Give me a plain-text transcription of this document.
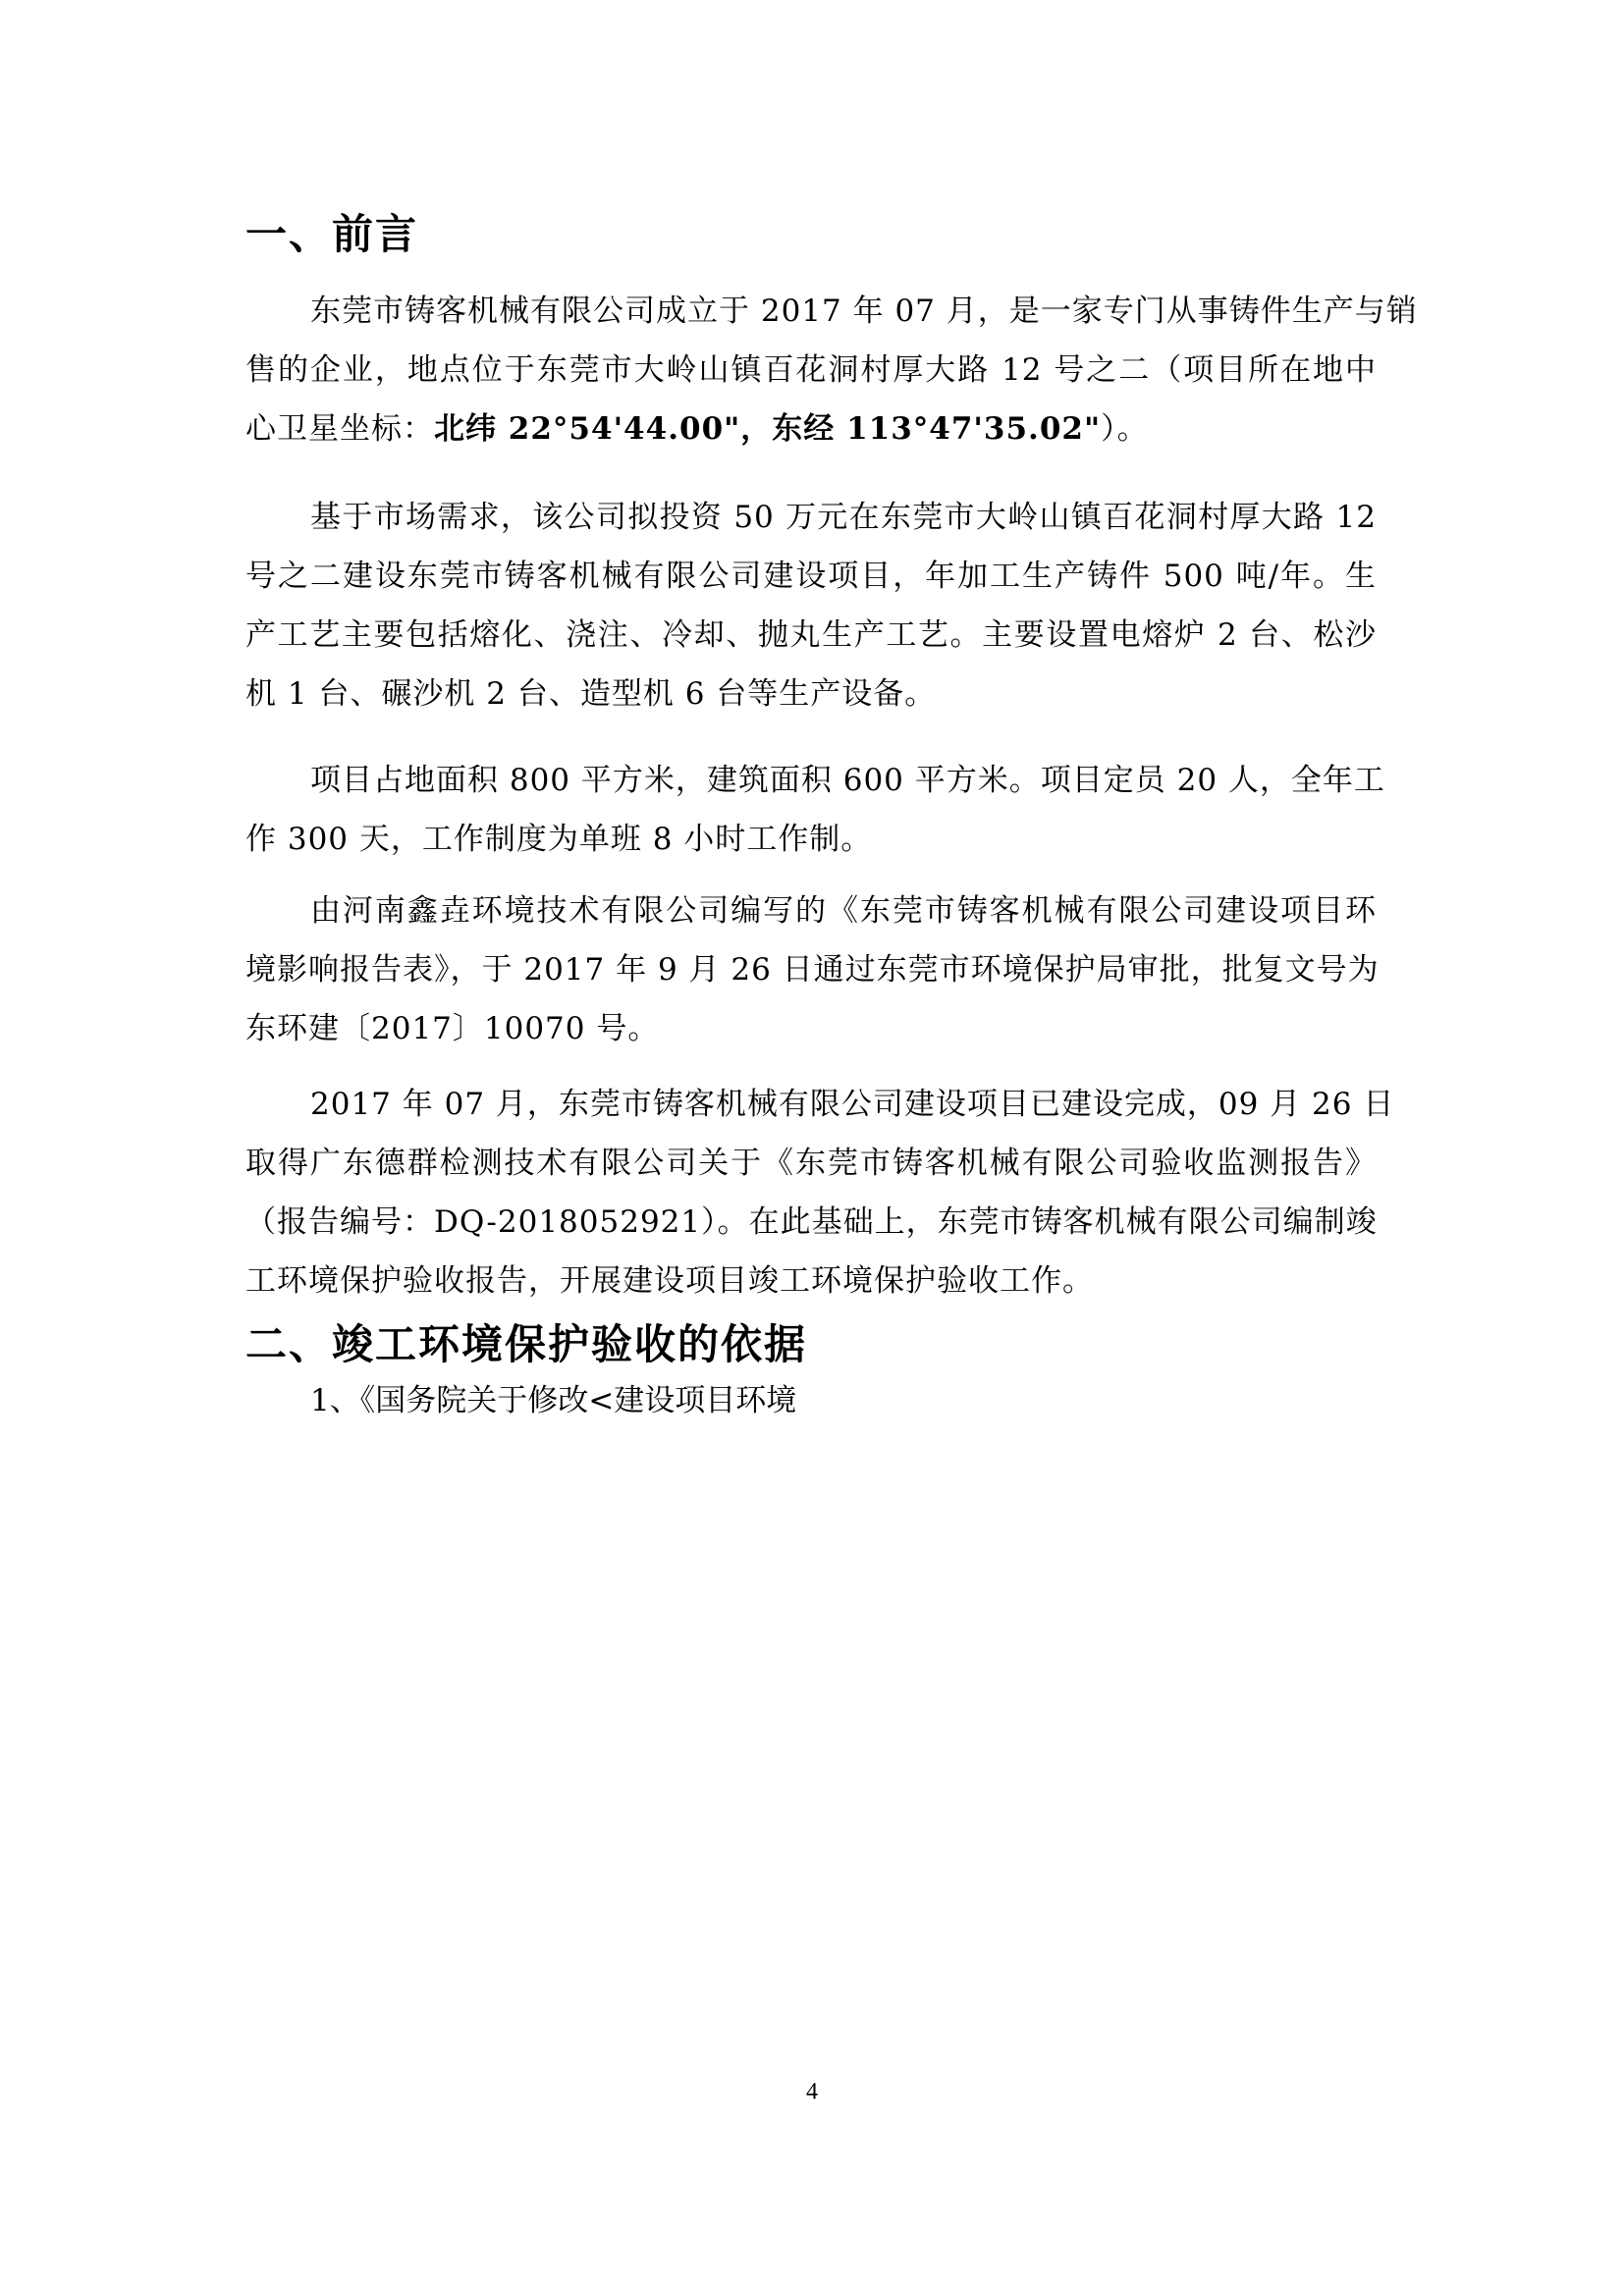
一、前言
东莞市铸客机械有限公司成立于 2017 年 07 月，是一家专门从事铸件生产与销
售的企业，地点位于东莞市大岭山镇百花洞村厚大路 12 号之二（项目所在地中
心卫星坐标：北纬 22°54'44.00"，东经 113°47'35.02"）。
基于市场需求，该公司拟投资 50 万元在东莞市大岭山镇百花洞村厚大路 12
号之二建设东莞市铸客机械有限公司建设项目，年加工生产铸件 500 吨/年。生
产工艺主要包括熔化、浇注、冷却、抛丸生产工艺。主要设置电熔炉 2 台、松沙
机 1 台、碾沙机 2 台、造型机 6 台等生产设备。
项目占地面积 800 平方米，建筑面积 600 平方米。项目定员 20 人，全年工
作 300 天，工作制度为单班 8 小时工作制。
由河南鑫垚环境技术有限公司编写的《东莞市铸客机械有限公司建设项目环
境影响报告表》，于 2017 年 9 月 26 日通过东莞市环境保护局审批，批复文号为
东环建〔2017〕10070 号。
2017 年 07 月，东莞市铸客机械有限公司建设项目已建设完成，09 月 26 日
取得广东德群检测技术有限公司关于《东莞市铸客机械有限公司验收监测报告》
（报告编号：DQ-2018052921）。在此基础上，东莞市铸客机械有限公司编制竣
工环境保护验收报告，开展建设项目竣工环境保护验收工作。
二、竣工环境保护验收的依据
1、《国务院关于修改<建设项目环境
4
